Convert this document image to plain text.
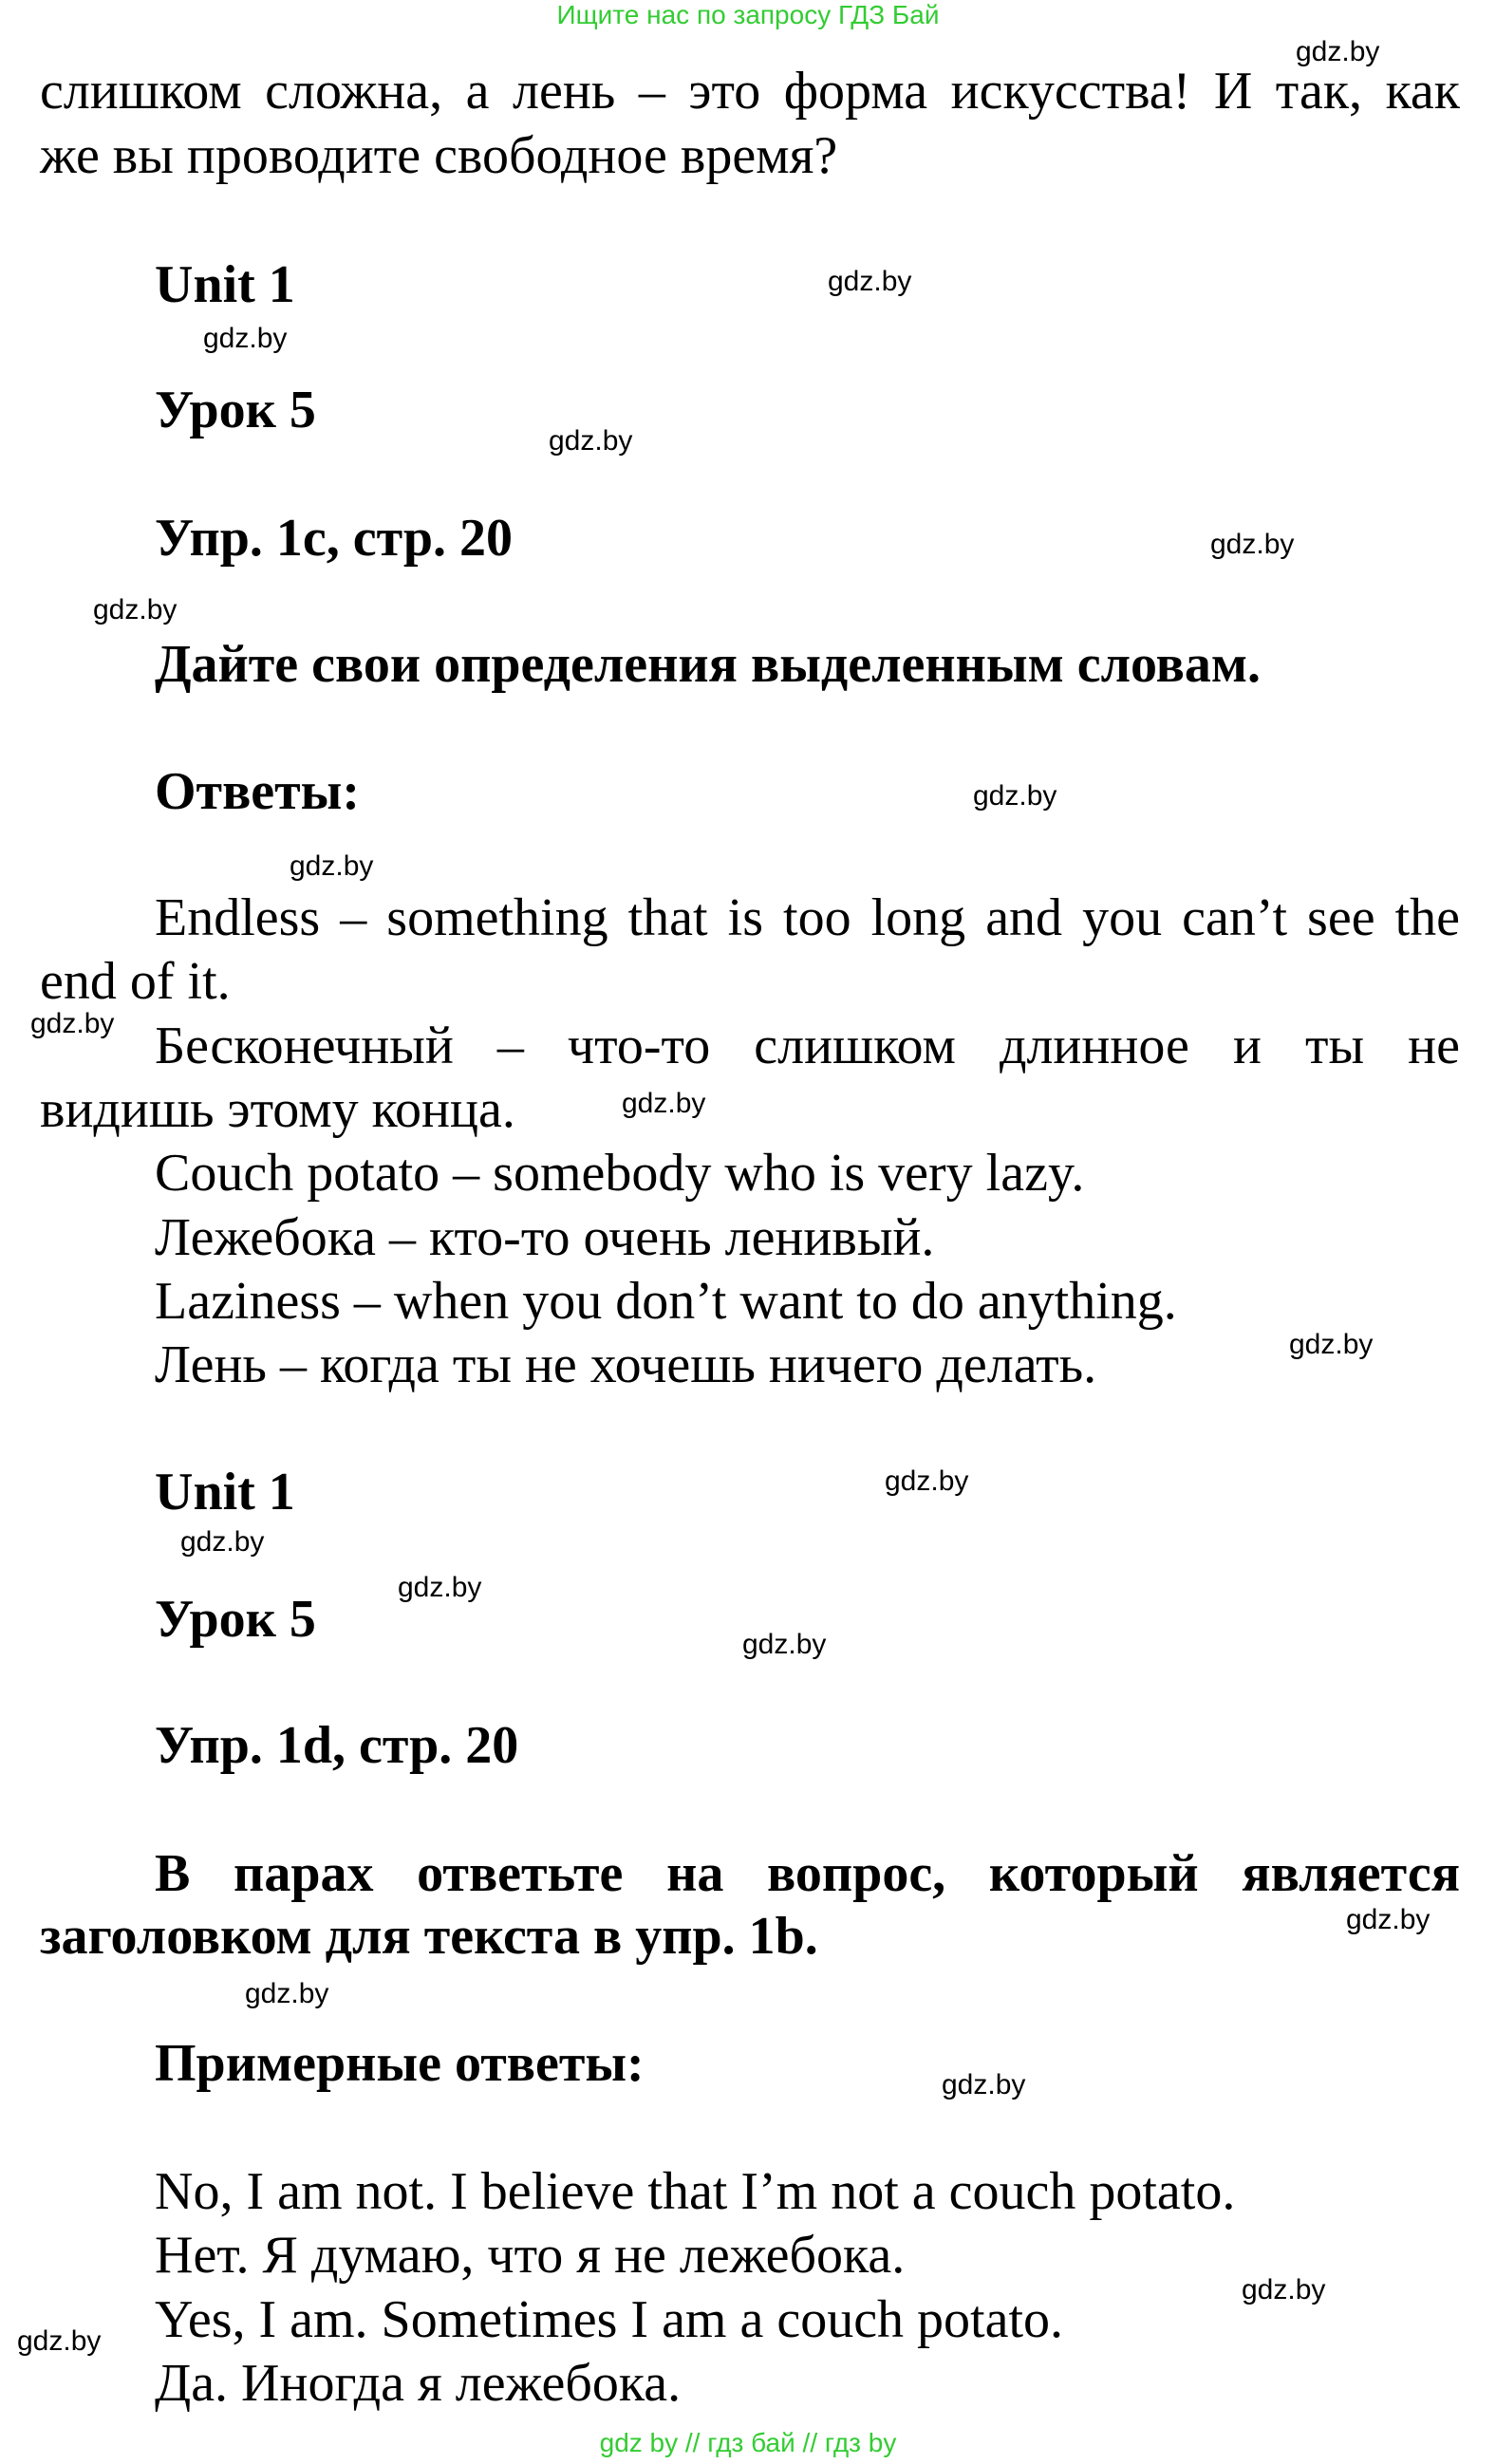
Ищите нас по запросу ГДЗ Бай
слишком сложна, а лень – это форма искусства! И так, как
же вы проводите свободное время?
Unit 1
Урок 5
Упр. 1c, стр. 20
Дайте свои определения выделенным словам.
Ответы:
Endless – something that is too long and you can’t see the
end of it.
Бесконечный – что-то слишком длинное и ты не
видишь этому конца.
Couch potato – somebody who is very lazy.
Лежебока – кто-то очень ленивый.
Laziness – when you don’t want to do anything.
Лень – когда ты не хочешь ничего делать.
Unit 1
Урок 5
Упр. 1d, стр. 20
В парах ответьте на вопрос, который является
заголовком для текста в упр. 1b.
Примерные ответы:
No, I am not. I believe that I’m not a couch potato.
Нет. Я думаю, что я не лежебока.
Yes, I am. Sometimes I am a couch potato.
Да. Иногда я лежебока.
gdz.by
gdz.by
gdz.by
gdz.by
gdz.by
gdz.by
gdz.by
gdz.by
gdz.by
gdz.by
gdz.by
gdz.by
gdz.by
gdz.by
gdz.by
gdz.by
gdz.by
gdz.by
gdz.by
gdz.by
gdz by // гдз бай // гдз by
